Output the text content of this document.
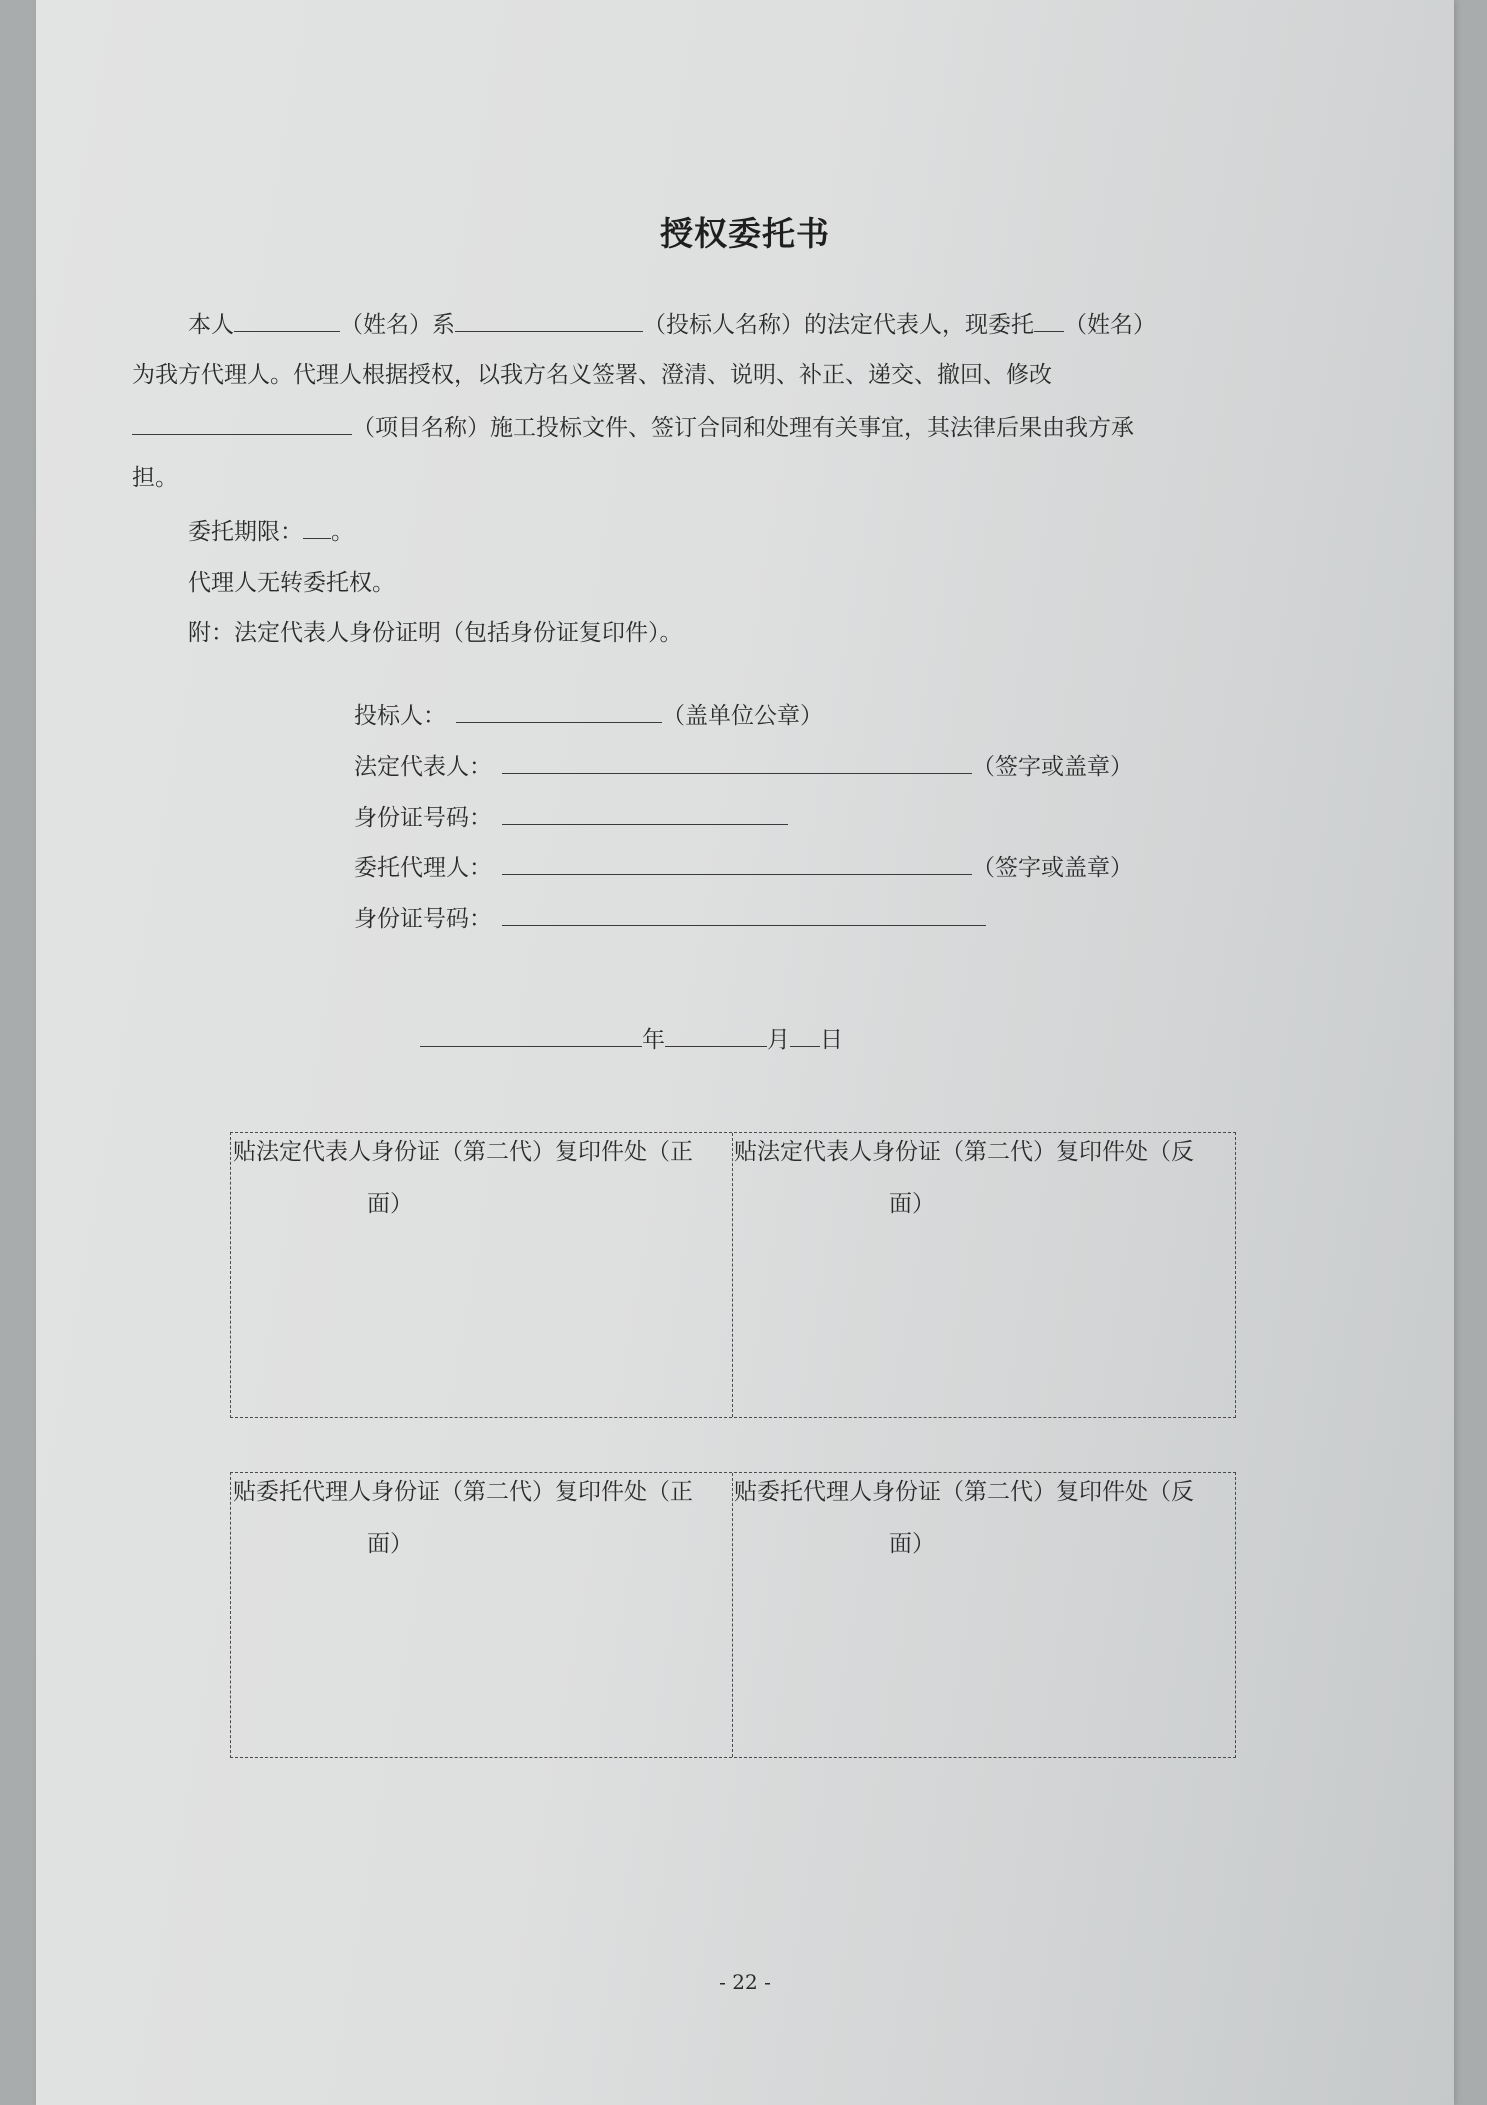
授权委托书
本人	（姓名）系	（投标人名称）的法定代表人，现委托 （姓名）
为我方代理人。代理人根据授权，以我方名义签署、澄清、说明、补正、递交、撤回、修改
（项目名称）施工投标文件、签订合同和处理有关事宜，其法律后果由我方承
担。
委托期限： 。
代理人无转委托权。
附：法定代表人身份证明（包括身份证复印件）。
投标人：	（盖单位公章）
法定代表人：	（签字或盖章）
身份证号码：
委托代理人：	（签字或盖章）
身份证号码：
年	月 日
贴法定代表人身份证（第二代）复印件处（正
面）
贴法定代表人身份证（第二代）复印件处（反
面）
贴委托代理人身份证（第二代）复印件处（正
面）
贴委托代理人身份证（第二代）复印件处（反
面）
- 22 -
